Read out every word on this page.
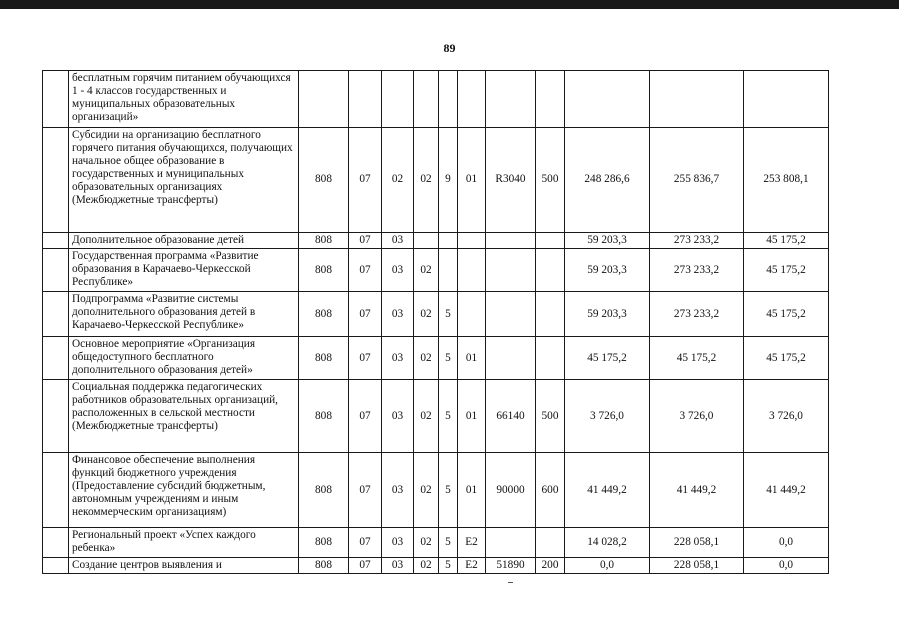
89
	бесплатным горячим питанием обучающихся 1 - 4 классов государственных и муниципальных образовательных организаций»											
	Субсидии на организацию бесплатного горячего питания обучающихся, получающих начальное общее образование в государственных и муниципальных образовательных организациях (Межбюджетные трансферты)	808	07	02	02	9	01	R3040	500	248 286,6	255 836,7	253 808,1
	Дополнительное образование детей	808	07	03						59 203,3	273 233,2	45 175,2
	Государственная программа «Развитие образования в Карачаево-Черкесской Республике»	808	07	03	02					59 203,3	273 233,2	45 175,2
	Подпрограмма «Развитие системы дополнительного образования детей в Карачаево-Черкесской Республике»	808	07	03	02	5				59 203,3	273 233,2	45 175,2
	Основное мероприятие «Организация общедоступного бесплатного дополнительного образования детей»	808	07	03	02	5	01			45 175,2	45 175,2	45 175,2
	Социальная поддержка педагогических работников образовательных организаций, расположенных в сельской местности (Межбюджетные трансферты)	808	07	03	02	5	01	66140	500	3 726,0	3 726,0	3 726,0
	Финансовое обеспечение выполнения функций бюджетного учреждения (Предоставление субсидий бюджетным, автономным учреждениям и иным некоммерческим организациям)	808	07	03	02	5	01	90000	600	41 449,2	41 449,2	41 449,2
	Региональный проект «Успех каждого ребенка»	808	07	03	02	5	Е2			14 028,2	228 058,1	0,0
	Создание центров выявления и	808	07	03	02	5	Е2	51890	200	0,0	228 058,1	0,0
